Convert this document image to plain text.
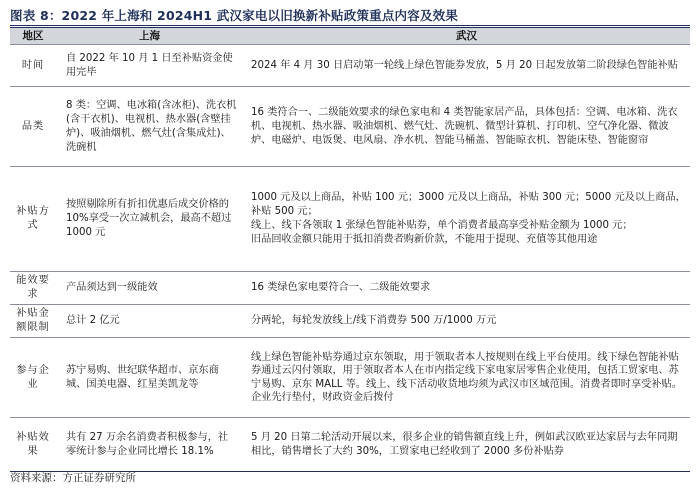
图表 8：2022 年上海和 2024H1 武汉家电以旧换新补贴政策重点内容及效果
地区	上海	武汉
时间	自 2022 年 10 月 1 日至补贴资金使用完毕	2024 年 4 月 30 日启动第一轮线上绿色智能券发放，5 月 20 日起发放第二阶段绿色智能补贴
品类	8 类：空调、电冰箱(含冰柜)、洗衣机(含干衣机)、电视机、热水器(含壁挂炉)、吸油烟机、燃气灶(含集成灶)、洗碗机	16 类符合一、二级能效要求的绿色家电和 4 类智能家居产品，具体包括：空调、电冰箱、洗衣机、电视机、热水器、吸油烟机、燃气灶、洗碗机、微型计算机、打印机、空气净化器、微波炉、电磁炉、电饭煲、电风扇、净水机、智能马桶盖、智能晾衣机、智能床垫、智能窗帘
补贴方式	按照剔除所有折扣优惠后成交价格的 10%享受一次立减机会，最高不超过 1000 元	1000 元及以上商品，补贴 100 元；3000 元及以上商品，补贴 300 元；5000 元及以上商品，补贴 500 元；
线上、线下各领取 1 张绿色智能补贴券，单个消费者最高享受补贴金额为 1000 元；
旧品回收金额只能用于抵扣消费者购新价款，不能用于提现、充值等其他用途

能效要求	产品须达到一级能效	16 类绿色家电要符合一、二级能效要求
补贴金额限制	总计 2 亿元	分两轮，每轮发放线上/线下消费券 500 万/1000 万元
参与企业	苏宁易购、世纪联华超市、京东商城、国美电器、红星美凯龙等	线上绿色智能补贴券通过京东领取，用于领取者本人按规则在线上平台使用。线下绿色智能补贴券通过云闪付领取，用于领取者本人在市内指定线下家电家居零售企业使用，包括工贸家电、苏宁易购、京东 MALL 等。线上、线下活动收货地均须为武汉市区域范围。消费者即时享受补贴。企业先行垫付，财政资金后拨付
补贴效果	共有 27 万余名消费者积极参与，社零统计参与企业同比增长 18.1%	5 月 20 日第二轮活动开展以来，很多企业的销售额直线上升，例如武汉欧亚达家居与去年同期相比，销售增长了大约 30%，工贸家电已经收到了 2000 多份补贴券
资料来源：方正证券研究所
